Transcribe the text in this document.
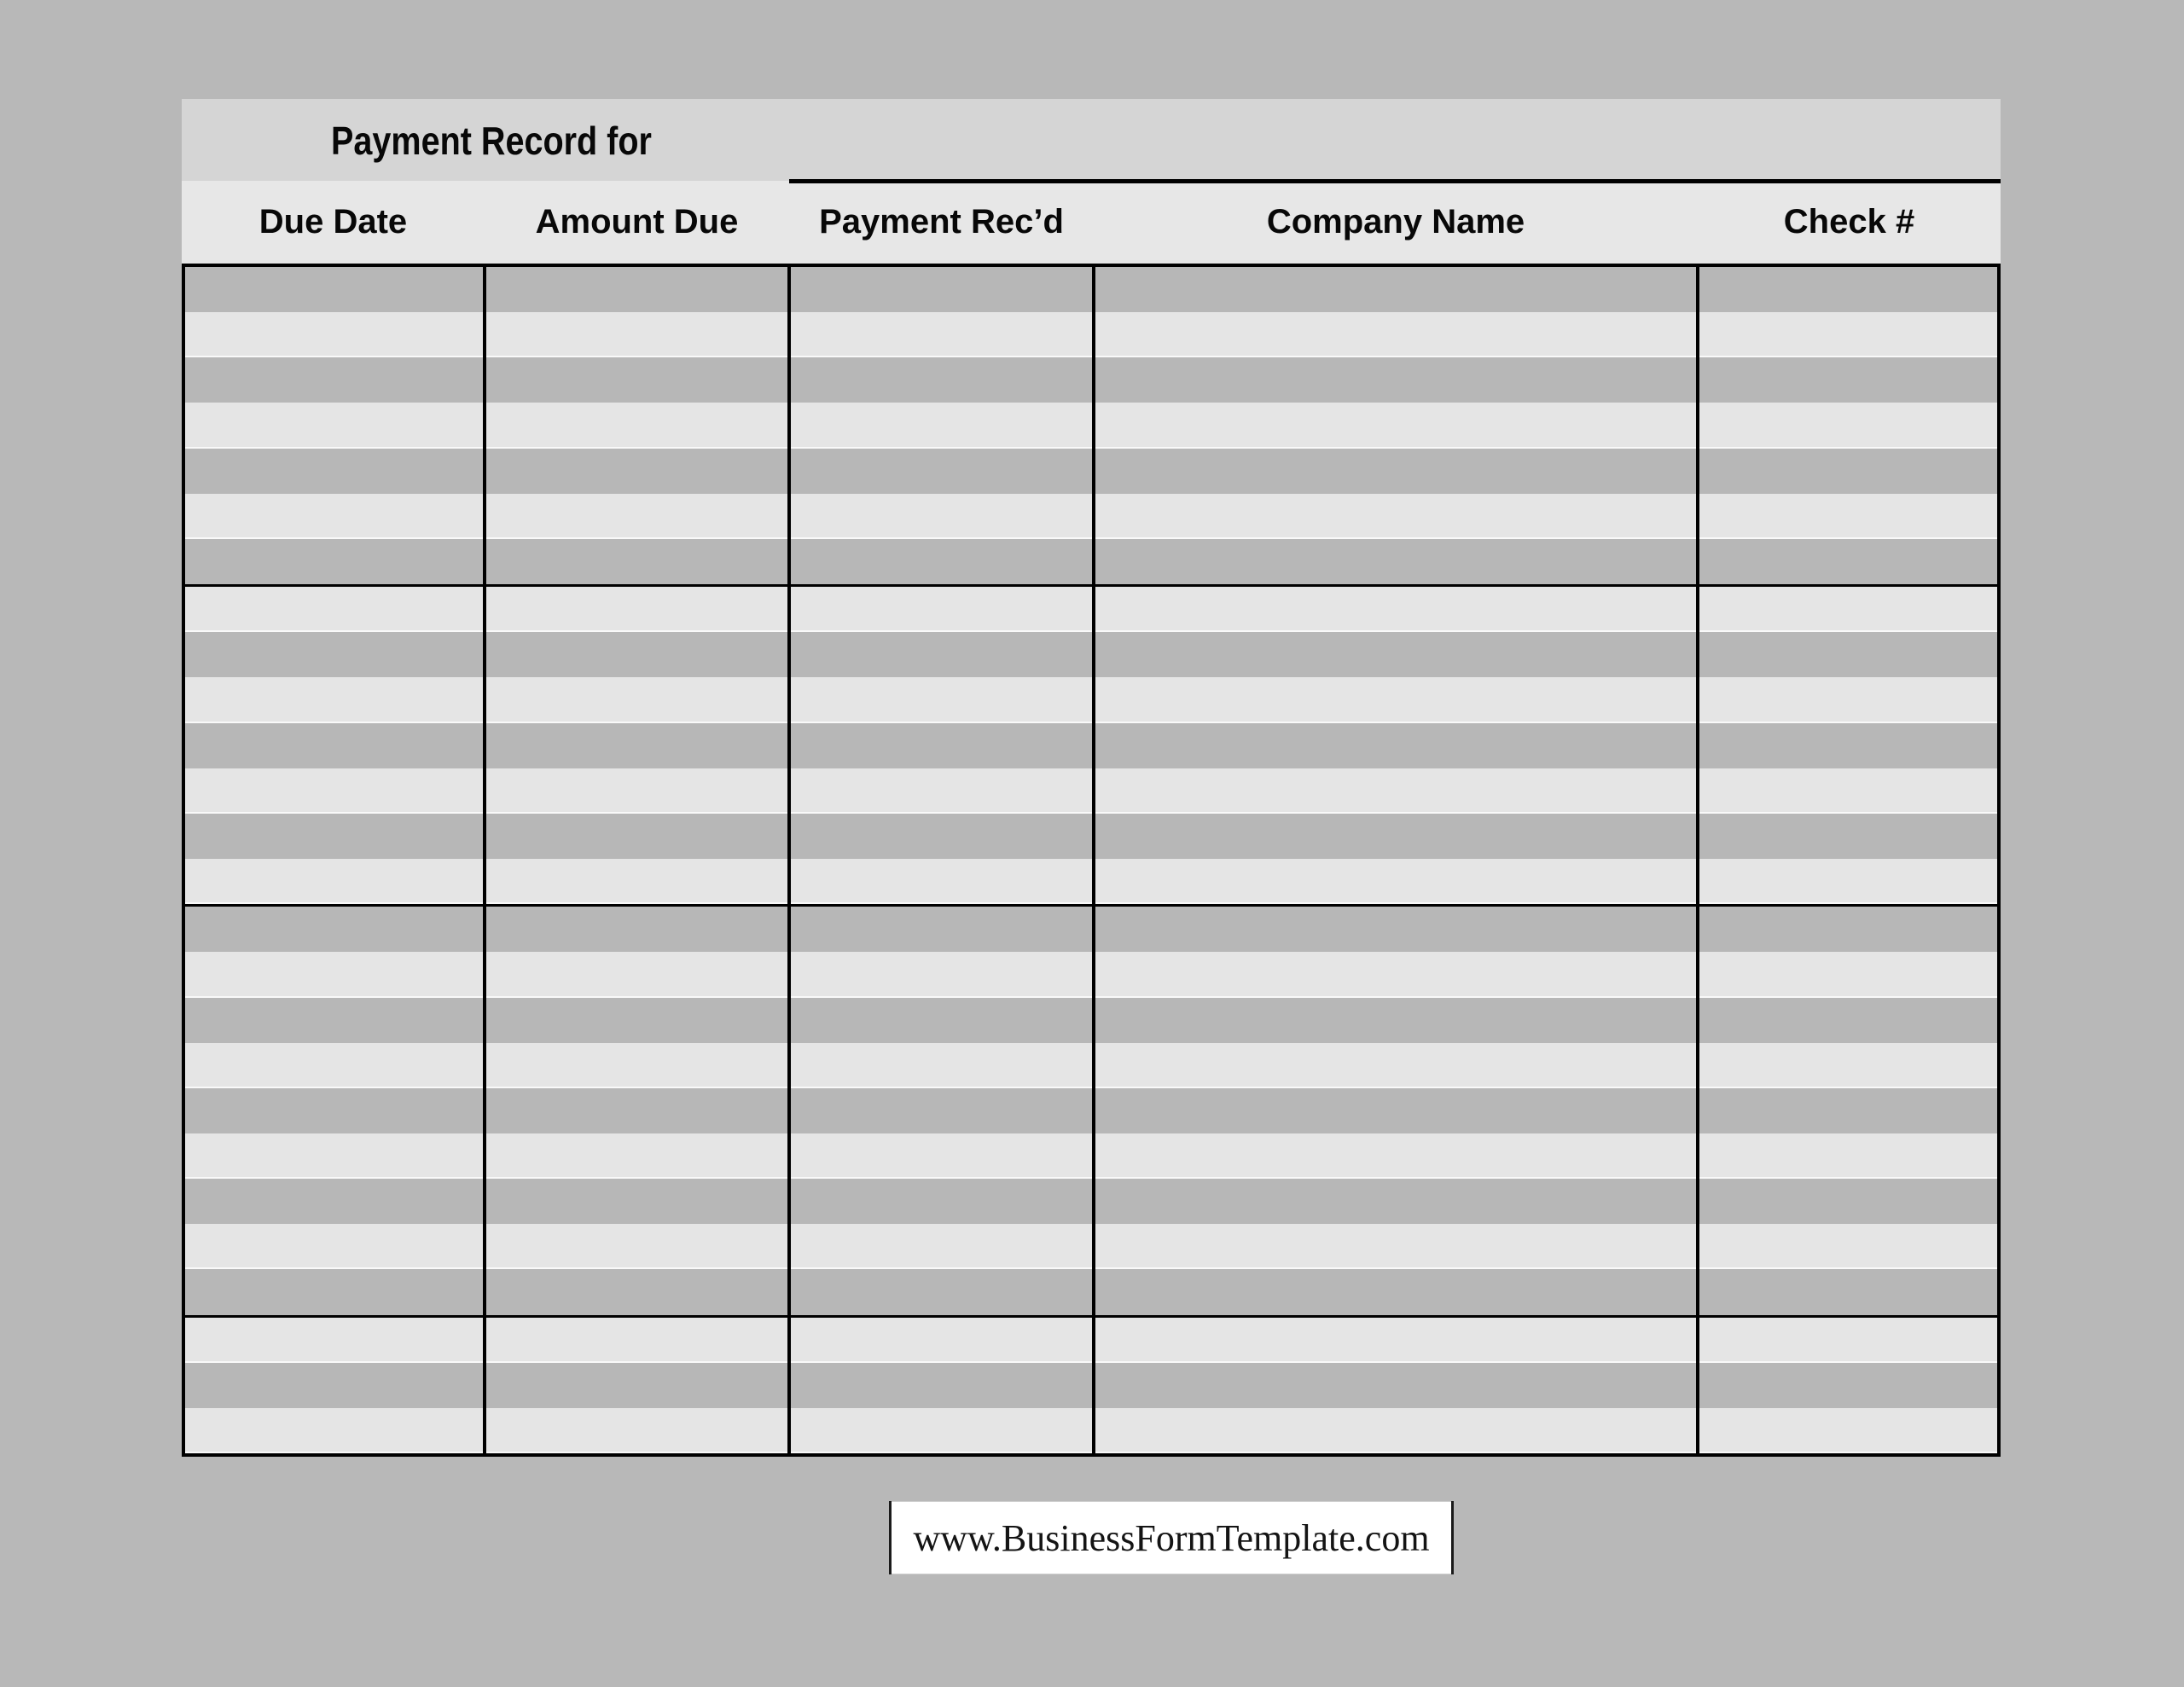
Payment Record for
Due Date	Amount Due	Payment Rec’d	Company Name	Check #
www.BusinessFormTemplate.com
